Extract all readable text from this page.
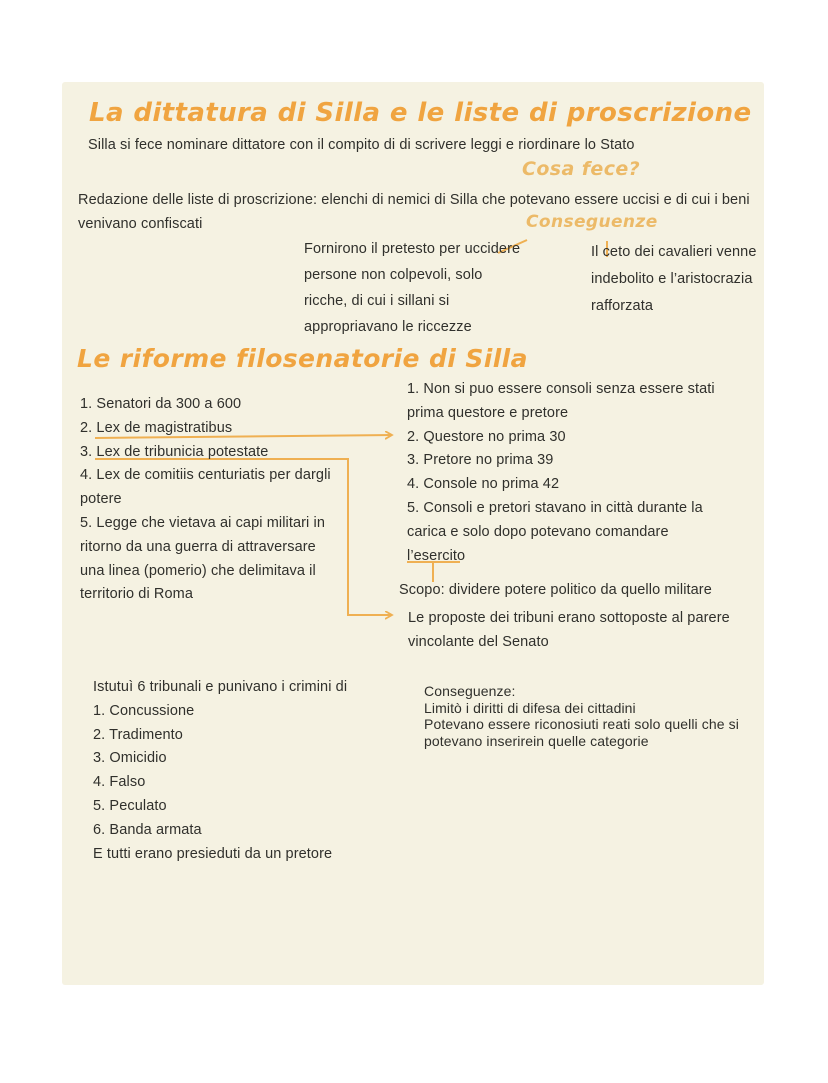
La dittatura di Silla e le liste di proscrizione
Silla si fece nominare dittatore con il compito di di scrivere leggi e riordinare lo Stato
Cosa fece?
Redazione delle liste di proscrizione: elenchi di nemici di Silla che potevano essere uccisi e di cui i beni
venivano confiscati	Conseguenze
Fornirono il pretesto per uccidere
persone non colpevoli, solo
ricche, di cui i sillani si
appropriavano le riccezze
Il ceto dei cavalieri venne
indebolito e l’aristocrazia
rafforzata
Le riforme filosenatorie di Silla
1. Senatori da 300 a 600
2. Lex de magistratibus
3. Lex de tribunicia potestate
4. Lex de comitiis centuriatis per dargli
potere
5. Legge che vietava ai capi militari in
ritorno da una guerra di attraversare
una linea (pomerio) che delimitava il
territorio di Roma
1. Non si puo essere consoli senza essere stati
prima questore e pretore
2. Questore no prima 30
3. Pretore no prima 39
4. Console no prima 42
5. Consoli e pretori stavano in città durante la
carica e solo dopo potevano comandare
l’esercito
Scopo: dividere potere politico da quello militare
Le proposte dei tribuni erano sottoposte al parere
vincolante del Senato
Istutuì 6 tribunali e punivano i crimini di
1. Concussione
2. Tradimento
3. Omicidio
4. Falso
5. Peculato
6. Banda armata
E tutti erano presieduti da un pretore
Conseguenze:
Limitò i diritti di difesa dei cittadini
Potevano essere riconosiuti reati solo quelli che si
potevano inserirein quelle categorie
